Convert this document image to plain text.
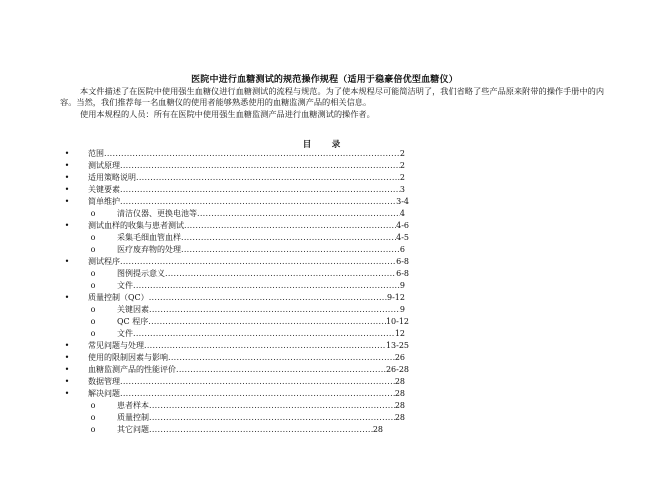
医院中进行血糖测试的规范操作规程（适用于稳豪倍优型血糖仪）

本文件描述了在医院中使用强生血糖仪进行血糖测试的流程与规范。为了使本规程尽可能简洁明了，我们省略了些产品原来附带的操作手册中的内容。当然，我们推荐每一名血糖仪的使用者能够熟悉使用的血糖监测产品的相关信息。

使用本规程的人员：所有在医院中使用强生血糖监测产品进行血糖测试的操作者。

目　录
•	范围 .....	2
•	测试原理 .....	2
•	适用策略说明 .....	2
•	关键要素 .....	3
•	简单维护 .....	3-4
o	清洁仪器、更换电池等 .....	4
•	测试血样的收集与患者测试 .....	4-6
o	采集毛细血管血样 .....	4-5
o	医疗废弃物的处理 .....	6
•	测试程序 .....	6-8
o	图例提示意义 .....	6-8
o	文件 .....	9
•	质量控制（QC） .....	9-12
o	关键因素 .....	9
o	QC 程序 .....	10-12
o	文件 .....	12
•	常见问题与处理 .....	13-25
•	使用的限制因素与影响 .....	26
•	血糖监测产品的性能评价 .....	26-28
•	数据管理 .....	28
•	解决问题 .....	28
o	患者样本 .....	28
o	质量控制 .....	28
o	其它问题 .....	28
